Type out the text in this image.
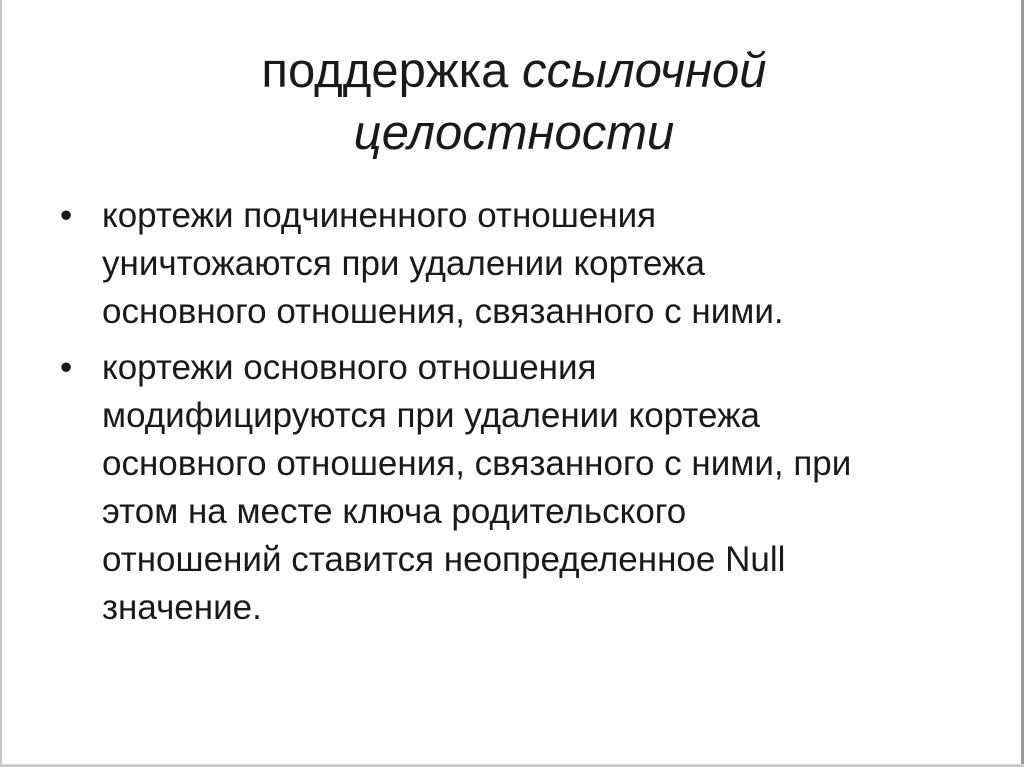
поддержка ссылочной
целостности
• кортежи подчиненного отношения
уничтожаются при удалении кортежа
основного отношения, связанного с ними.
• кортежи основного отношения
модифицируются при удалении кортежа
основного отношения, связанного с ними, при
этом на месте ключа родительского
отношений ставится неопределенное Null
значение.
